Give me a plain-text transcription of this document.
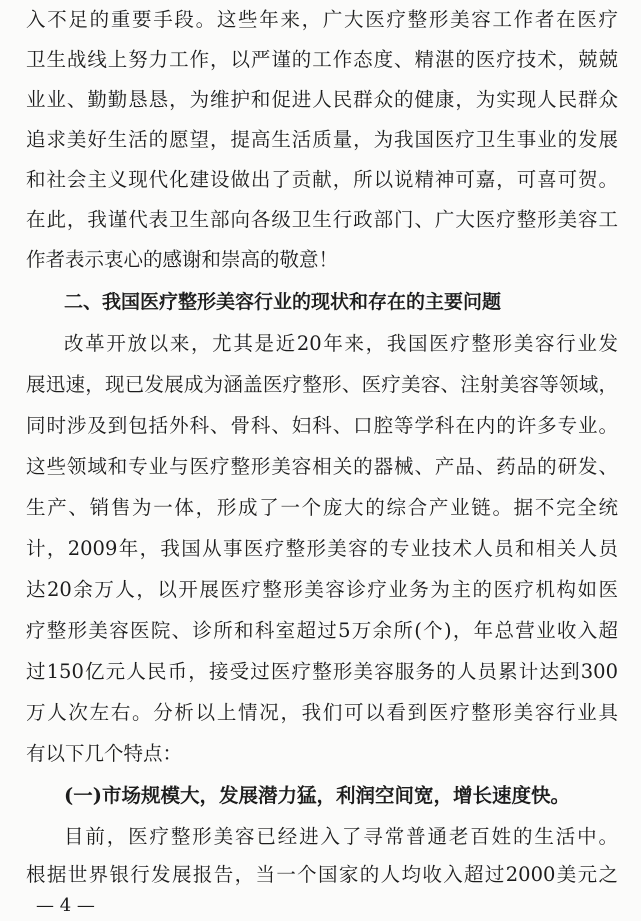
入不足的重要手段。这些年来，广大医疗整形美容工作者在医疗
卫生战线上努力工作，以严谨的工作态度、精湛的医疗技术，兢兢
业业、勤勤恳恳，为维护和促进人民群众的健康，为实现人民群众
追求美好生活的愿望，提高生活质量，为我国医疗卫生事业的发展
和社会主义现代化建设做出了贡献，所以说精神可嘉，可喜可贺。
在此，我谨代表卫生部向各级卫生行政部门、广大医疗整形美容工
作者表示衷心的感谢和崇高的敬意！
二、我国医疗整形美容行业的现状和存在的主要问题
改革开放以来，尤其是近20年来，我国医疗整形美容行业发
展迅速，现已发展成为涵盖医疗整形、医疗美容、注射美容等领域，
同时涉及到包括外科、骨科、妇科、口腔等学科在内的许多专业。
这些领域和专业与医疗整形美容相关的器械、产品、药品的研发、
生产、销售为一体，形成了一个庞大的综合产业链。据不完全统
计，2009年，我国从事医疗整形美容的专业技术人员和相关人员
达20余万人，以开展医疗整形美容诊疗业务为主的医疗机构如医
疗整形美容医院、诊所和科室超过5万余所(个)，年总营业收入超
过150亿元人民币，接受过医疗整形美容服务的人员累计达到300
万人次左右。分析以上情况，我们可以看到医疗整形美容行业具
有以下几个特点：
(一)市场规模大，发展潜力猛，利润空间宽，增长速度快。
目前，医疗整形美容已经进入了寻常普通老百姓的生活中。
根据世界银行发展报告，当一个国家的人均收入超过2000美元之
— 4 —
